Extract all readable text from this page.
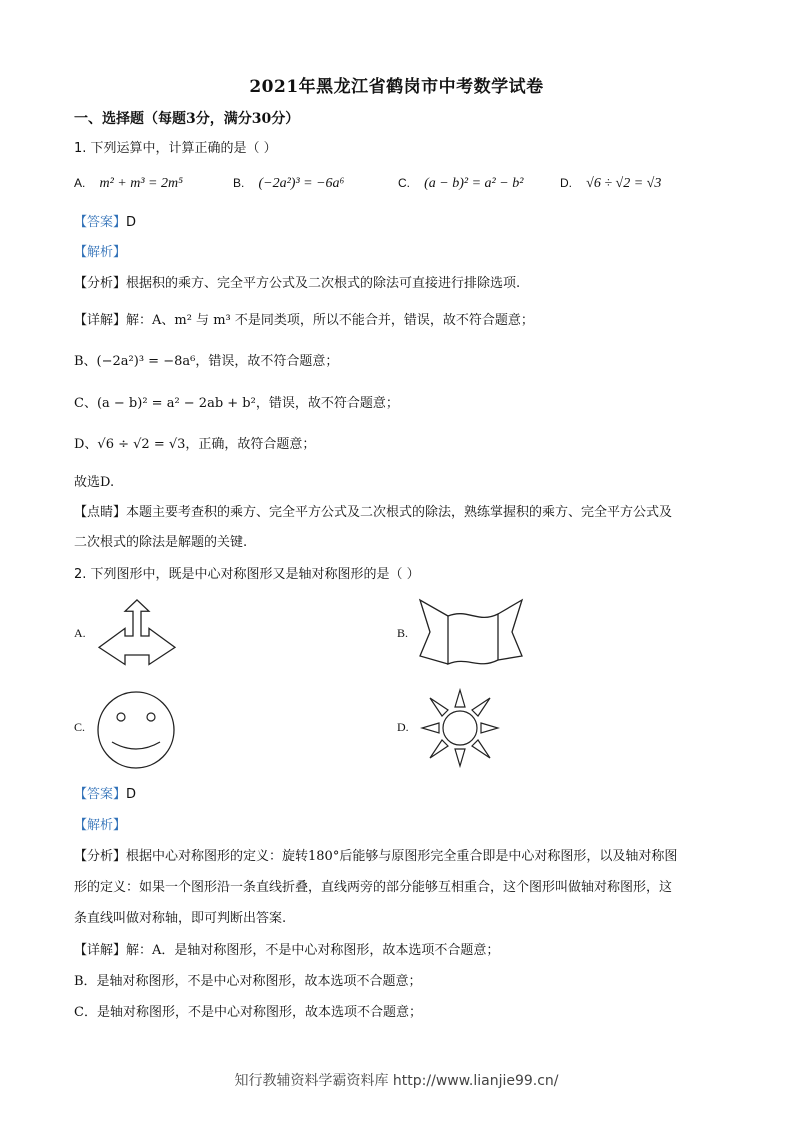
2021年黑龙江省鹤岗市中考数学试卷
一、选择题（每题3分，满分30分）
1. 下列运算中，计算正确的是（ ）
A. m² + m³ = 2m⁵	B. (−2a²)³ = −6a⁶	C. (a − b)² = a² − b²	D. √6 ÷ √2 = √3
【答案】D
【解析】
【分析】根据积的乘方、完全平方公式及二次根式的除法可直接进行排除选项.
【详解】解：A、m² 与 m³ 不是同类项，所以不能合并，错误，故不符合题意；
B、(−2a²)³ = −8a⁶，错误，故不符合题意；
C、(a − b)² = a² − 2ab + b²，错误，故不符合题意；
D、√6 ÷ √2 = √3，正确，故符合题意；
故选D.
【点睛】本题主要考查积的乘方、完全平方公式及二次根式的除法，熟练掌握积的乘方、完全平方公式及
二次根式的除法是解题的关键.
2. 下列图形中，既是中心对称图形又是轴对称图形的是（ ）
A.	B.
C.	D.
【答案】D
【解析】
【分析】根据中心对称图形的定义：旋转180°后能够与原图形完全重合即是中心对称图形，以及轴对称图
形的定义：如果一个图形沿一条直线折叠，直线两旁的部分能够互相重合，这个图形叫做轴对称图形，这
条直线叫做对称轴，即可判断出答案.
【详解】解：A．是轴对称图形，不是中心对称图形，故本选项不合题意；
B．是轴对称图形，不是中心对称图形，故本选项不合题意；
C．是轴对称图形，不是中心对称图形，故本选项不合题意；
知行教辅资料学霸资料库 http://www.lianjie99.cn/
